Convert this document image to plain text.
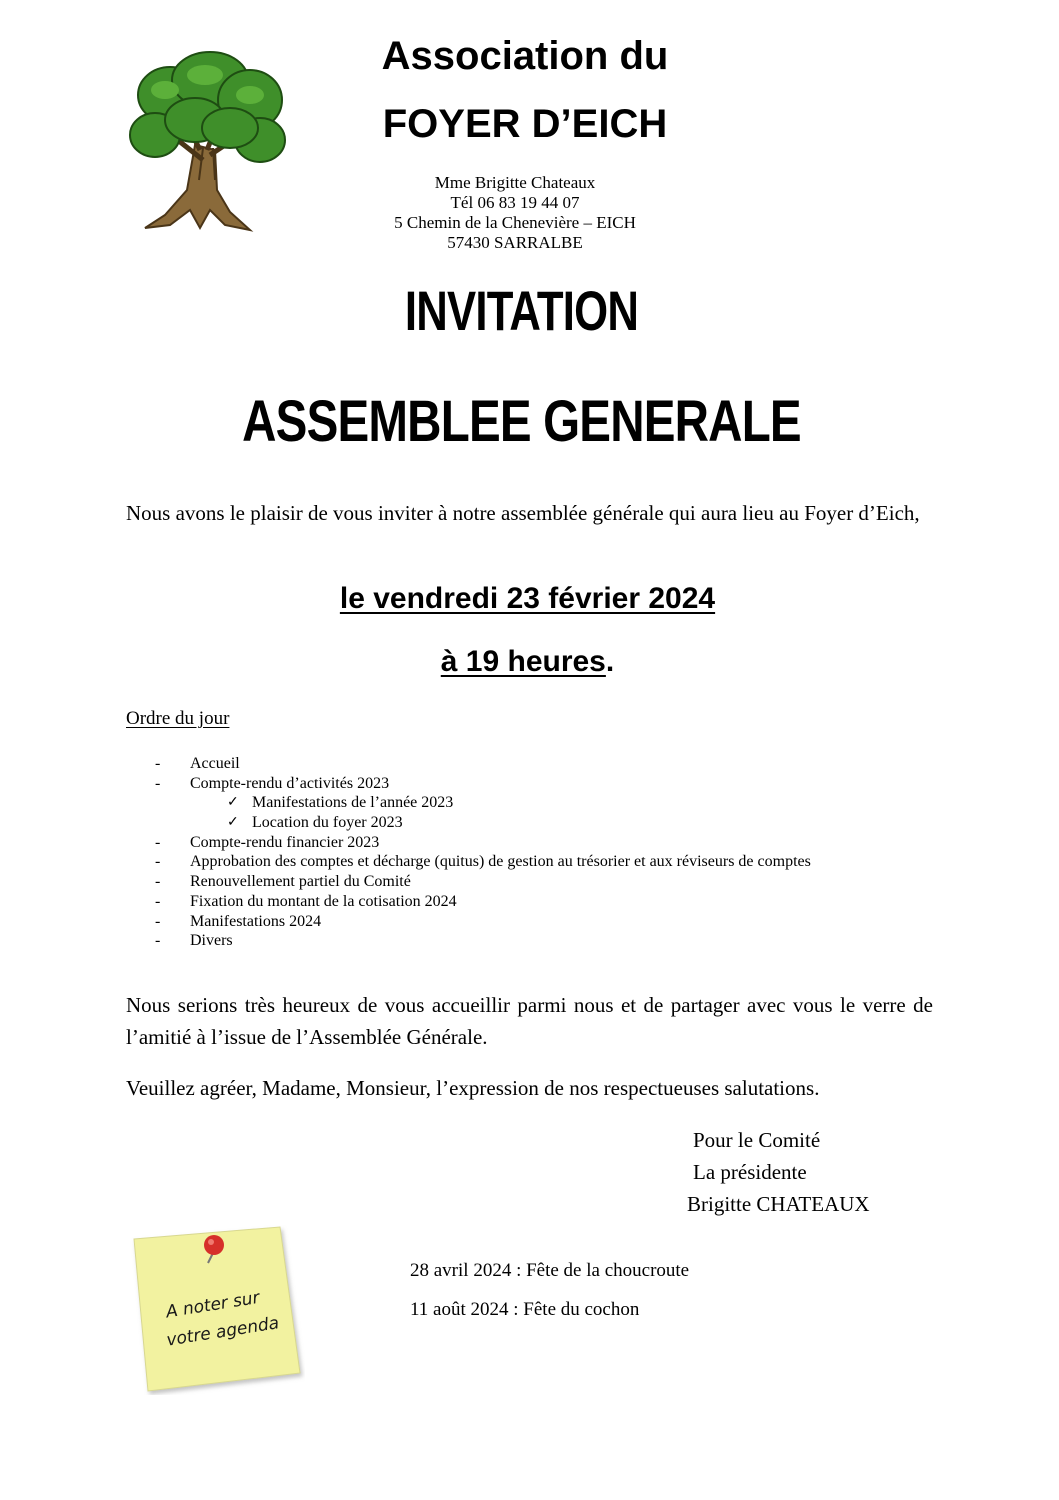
Association du
FOYER D’EICH
Mme Brigitte Chateaux
Tél 06 83 19 44 07
5 Chemin de la Chenevière – EICH
57430 SARRALBE
INVITATION
ASSEMBLEE GENERALE
Nous avons le plaisir de vous inviter à notre assemblée générale qui aura lieu au Foyer d’Eich,
le vendredi 23 février 2024
à 19 heures.
Ordre du jour
- Accueil
- Compte-rendu d’activités 2023
✓ Manifestations de l’année 2023
✓ Location du foyer 2023
- Compte-rendu financier 2023
- Approbation des comptes et décharge (quitus) de gestion au trésorier et aux réviseurs de comptes
- Renouvellement partiel du Comité
- Fixation du montant de la cotisation 2024
- Manifestations 2024
- Divers
Nous serions très heureux de vous accueillir parmi nous et de partager avec vous le verre de l’amitié à l’issue de l’Assemblée Générale.
Veuillez agréer, Madame, Monsieur, l’expression de nos respectueuses salutations.
Pour le Comité
La présidente
Brigitte CHATEAUX
A noter sur
votre agenda
28 avril 2024 : Fête de la choucroute
11 août 2024 : Fête du cochon
